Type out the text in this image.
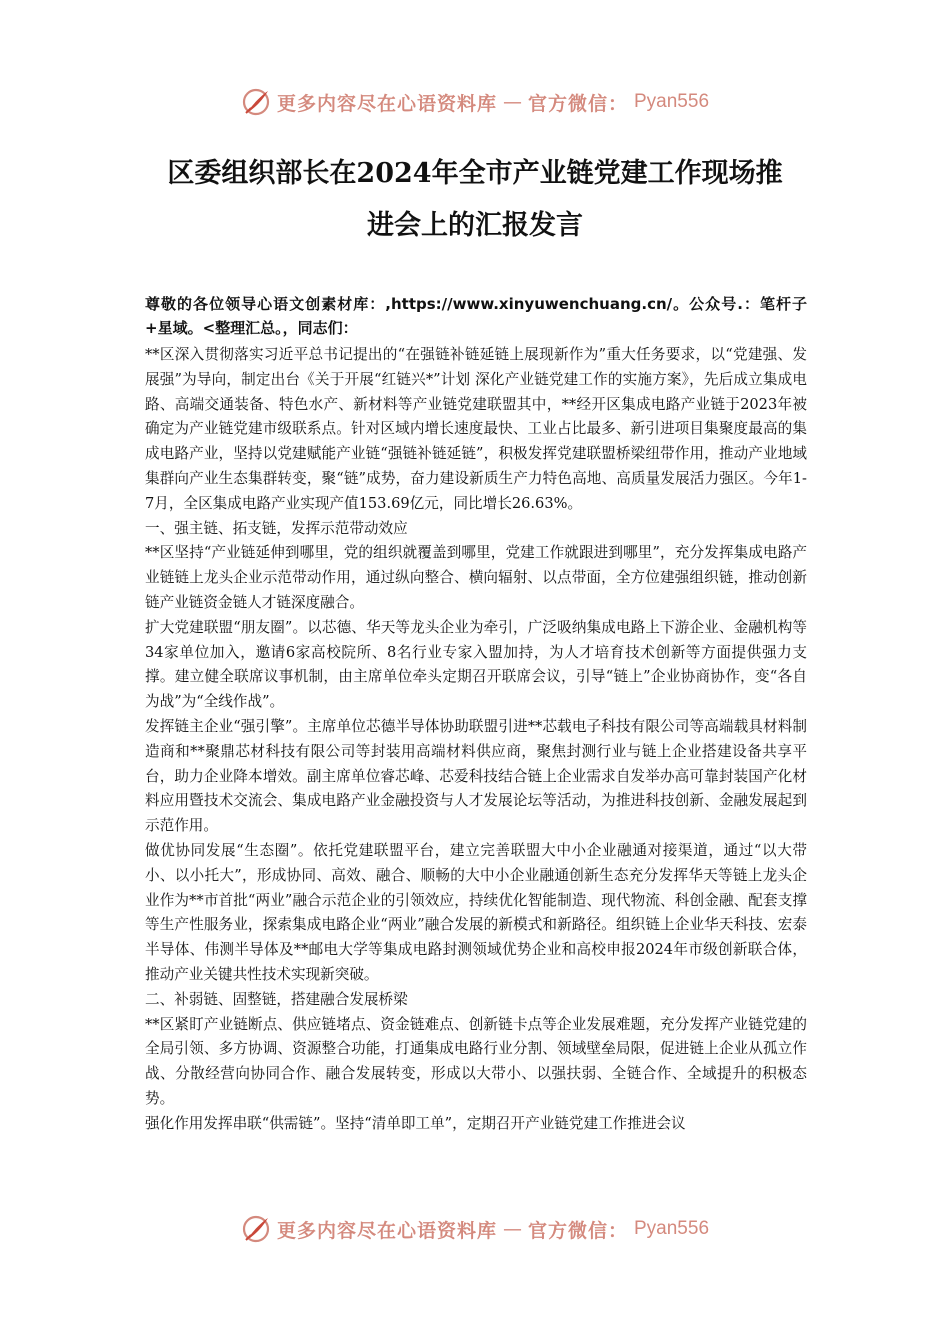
更多内容尽在心语资料库 — 官方微信： Pyan556
区委组织部长在2024年全市产业链党建工作现场推
进会上的汇报发言

尊敬的各位领导心语文创素材库：,https://www.xinyuwenchuang.cn/。公众号.：笔杆子+星域。<整理汇总。，同志们：

**区深入贯彻落实习近平总书记提出的“在强链补链延链上展现新作为”重大任务要求，以“党建强、发展强”为导向，制定出台《关于开展“红链兴*”计划 深化产业链党建工作的实施方案》，先后成立集成电路、高端交通装备、特色水产、新材料等产业链党建联盟其中，**经开区集成电路产业链于2023年被确定为产业链党建市级联系点。针对区域内增长速度最快、工业占比最多、新引进项目集聚度最高的集成电路产业，坚持以党建赋能产业链“强链补链延链”，积极发挥党建联盟桥梁纽带作用，推动产业地域集群向产业生态集群转变，聚“链”成势，奋力建设新质生产力特色高地、高质量发展活力强区。今年1-7月，全区集成电路产业实现产值153.69亿元，同比增长26.63%。

一、强主链、拓支链，发挥示范带动效应

**区坚持“产业链延伸到哪里，党的组织就覆盖到哪里，党建工作就跟进到哪里”，充分发挥集成电路产业链链上龙头企业示范带动作用，通过纵向整合、横向辐射、以点带面，全方位建强组织链，推动创新链产业链资金链人才链深度融合。

扩大党建联盟“朋友圈”。以芯德、华天等龙头企业为牵引，广泛吸纳集成电路上下游企业、金融机构等34家单位加入，邀请6家高校院所、8名行业专家入盟加持，为人才培育技术创新等方面提供强力支撑。建立健全联席议事机制，由主席单位牵头定期召开联席会议，引导“链上”企业协商协作，变“各自为战”为“全线作战”。

发挥链主企业“强引擎”。主席单位芯德半导体协助联盟引进**芯载电子科技有限公司等高端载具材料制造商和**聚鼎芯材科技有限公司等封装用高端材料供应商，聚焦封测行业与链上企业搭建设备共享平台，助力企业降本增效。副主席单位睿芯峰、芯爱科技结合链上企业需求自发举办高可靠封装国产化材料应用暨技术交流会、集成电路产业金融投资与人才发展论坛等活动，为推进科技创新、金融发展起到示范作用。

做优协同发展“生态圈”。依托党建联盟平台，建立完善联盟大中小企业融通对接渠道，通过“以大带小、以小托大”，形成协同、高效、融合、顺畅的大中小企业融通创新生态充分发挥华天等链上龙头企业作为**市首批“两业”融合示范企业的引领效应，持续优化智能制造、现代物流、科创金融、配套支撑等生产性服务业，探索集成电路企业“两业”融合发展的新模式和新路径。组织链上企业华天科技、宏泰半导体、伟测半导体及**邮电大学等集成电路封测领域优势企业和高校申报2024年市级创新联合体，推动产业关键共性技术实现新突破。

二、补弱链、固整链，搭建融合发展桥梁

**区紧盯产业链断点、供应链堵点、资金链难点、创新链卡点等企业发展难题，充分发挥产业链党建的全局引领、多方协调、资源整合功能，打通集成电路行业分割、领域壁垒局限，促进链上企业从孤立作战、分散经营向协同合作、融合发展转变，形成以大带小、以强扶弱、全链合作、全域提升的积极态势。

强化作用发挥串联“供需链”。坚持“清单即工单”，定期召开产业链党建工作推进会议

更多内容尽在心语资料库 — 官方微信： Pyan556
